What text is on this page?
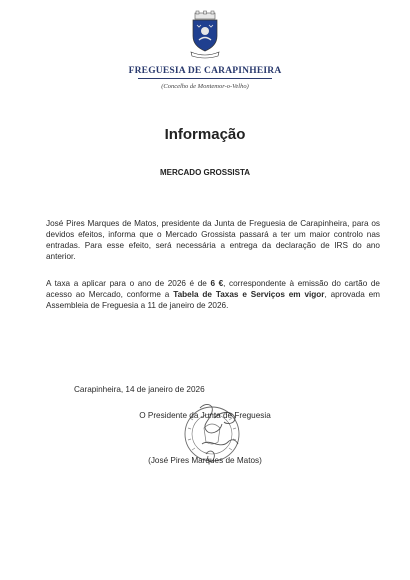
FREGUESIA DE CARAPINHEIRA
(Concelho de Montemor-o-Velho)
Informação
MERCADO GROSSISTA
José Pires Marques de Matos, presidente da Junta de Freguesia de Carapinheira, para os devidos efeitos, informa que o Mercado Grossista passará a ter um maior controlo nas entradas. Para esse efeito, será necessária a entrega da declaração de IRS do ano anterior.
A taxa a aplicar para o ano de 2026 é de 6 €, correspondente à emissão do cartão de acesso ao Mercado, conforme a Tabela de Taxas e Serviços em vigor, aprovada em Assembleia de Freguesia a 11 de janeiro de 2026.
Carapinheira, 14 de janeiro de 2026
O Presidente da Junta de Freguesia
(José Pires Marques de Matos)
